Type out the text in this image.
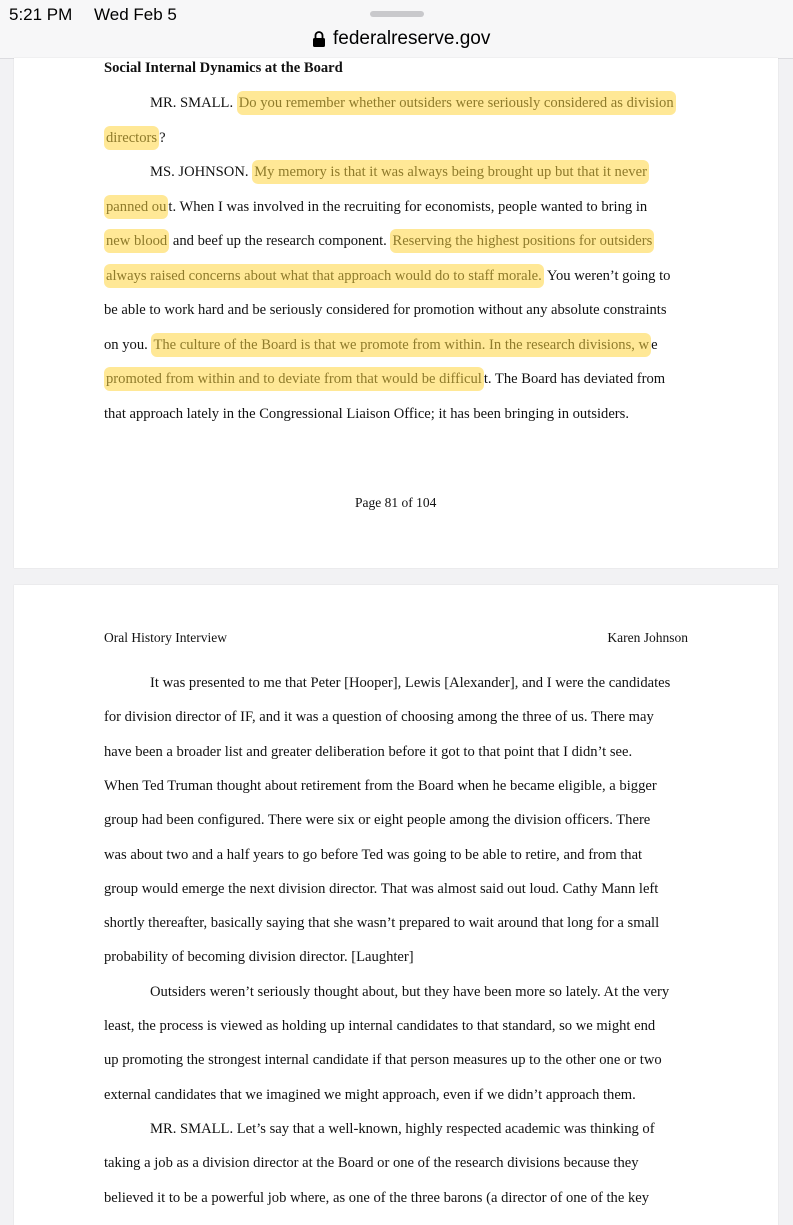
5:21 PM Wed Feb 5
federalreserve.gov
Social Internal Dynamics at the Board
MR. SMALL. Do you remember whether outsiders were seriously considered as division
directors ?
MS. JOHNSON. My memory is that it was always being brought up but that it never
panned ou t. When I was involved in the recruiting for economists, people wanted to bring in
new blood and beef up the research component. Reserving the highest positions for outsiders
always raised concerns about what that approach would do to staff morale. You weren’t going to
be able to work hard and be seriously considered for promotion without any absolute constraints
on you. The culture of the Board is that we promote from within. In the research divisions, w e
promoted from within and to deviate from that would be difficul t. The Board has deviated from
that approach lately in the Congressional Liaison Office; it has been bringing in outsiders.
Page 81 of 104
Oral History Interview	Karen Johnson
It was presented to me that Peter [Hooper], Lewis [Alexander], and I were the candidates
for division director of IF, and it was a question of choosing among the three of us. There may
have been a broader list and greater deliberation before it got to that point that I didn’t see.
When Ted Truman thought about retirement from the Board when he became eligible, a bigger
group had been configured. There were six or eight people among the division officers. There
was about two and a half years to go before Ted was going to be able to retire, and from that
group would emerge the next division director. That was almost said out loud. Cathy Mann left
shortly thereafter, basically saying that she wasn’t prepared to wait around that long for a small
probability of becoming division director. [Laughter]
Outsiders weren’t seriously thought about, but they have been more so lately. At the very
least, the process is viewed as holding up internal candidates to that standard, so we might end
up promoting the strongest internal candidate if that person measures up to the other one or two
external candidates that we imagined we might approach, even if we didn’t approach them.
MR. SMALL. Let’s say that a well-known, highly respected academic was thinking of
taking a job as a division director at the Board or one of the research divisions because they
believed it to be a powerful job where, as one of the three barons (a director of one of the key
